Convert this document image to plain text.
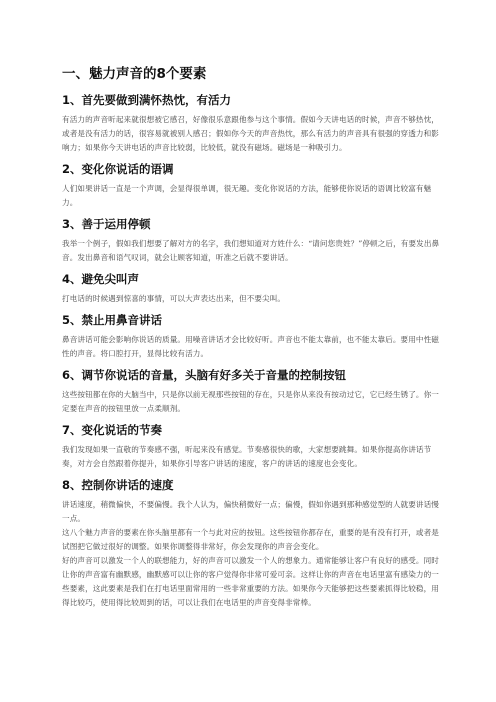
一、魅力声音的8个要素
1、首先要做到满怀热忱，有活力

有活力的声音听起来就很想被它感召，好像很乐意跟他参与这个事情。假如今天讲电话的时候，声音不够热忱，或者是没有活力的话，很容易就被别人感召；假如你今天的声音热忱，那么有活力的声音具有很强的穿透力和影响力；如果你今天讲电话的声音比较弱，比较低，就没有磁场。磁场是一种吸引力。

2、变化你说话的语调

人们如果讲话一直是一个声调，会显得很单调，很无趣。变化你说话的方法，能够使你说话的语调比较富有魅力。

3、善于运用停顿

我举一个例子，假如我们想要了解对方的名字，我们想知道对方姓什么：“请问您贵姓？”停顿之后，有要发出鼻音。发出鼻音和语气叹词，就会让顾客知道，听准之后就不要讲话。

4、避免尖叫声

打电话的时候遇到惊喜的事情，可以大声表达出来，但不要尖叫。

5、禁止用鼻音讲话

鼻音讲话可能会影响你说话的质量。用噪音讲话才会比较好听。声音也不能太靠前，也不能太靠后。要用中性磁性的声音。将口腔打开，显得比较有活力。

6、调节你说话的音量，头脑有好多关于音量的控制按钮

这些按钮都在你的大脑当中，只是你以前无视那些按钮的存在，只是你从来没有按动过它，它已经生锈了。你一定要在声音的按钮里放一点柔顺剂。

7、变化说话的节奏

我们发现如果一直敬的节奏感不强，听起来没有感觉。节奏感很快的歌，大家想要跳舞。如果你提高你讲话节奏，对方会自然跟着你提升，如果你引导客户讲话的速度，客户的讲话的速度也会变化。

8、控制你讲话的速度

讲话速度，稍微偏快，不要偏慢。我个人认为，偏快稍微好一点；偏慢，假如你遇到那种感觉型的人就要讲话慢一点。

这八个魅力声音的要素在你头脑里都有一个与此对应的按钮。这些按钮你都存在，重要的是有没有打开，或者是试图把它做过很好的调整。如果你调整得非常好，你会发现你的声音会变化。

好的声音可以激发一个人的联想能力，好的声音可以激发一个人的想象力。通常能够让客户有良好的感受。同时让你的声音富有幽默感，幽默感可以让你的客户觉得你非常可爱可亲。这样让你的声音在电话里富有感染力的一些要素，这此要素是我们在打电话里面常用的一些非常重要的方法。如果你今天能够把这些要素抓得比较稳，用得比较巧，使用得比较周到的话，可以让我们在电话里的声音变得非常棒。
